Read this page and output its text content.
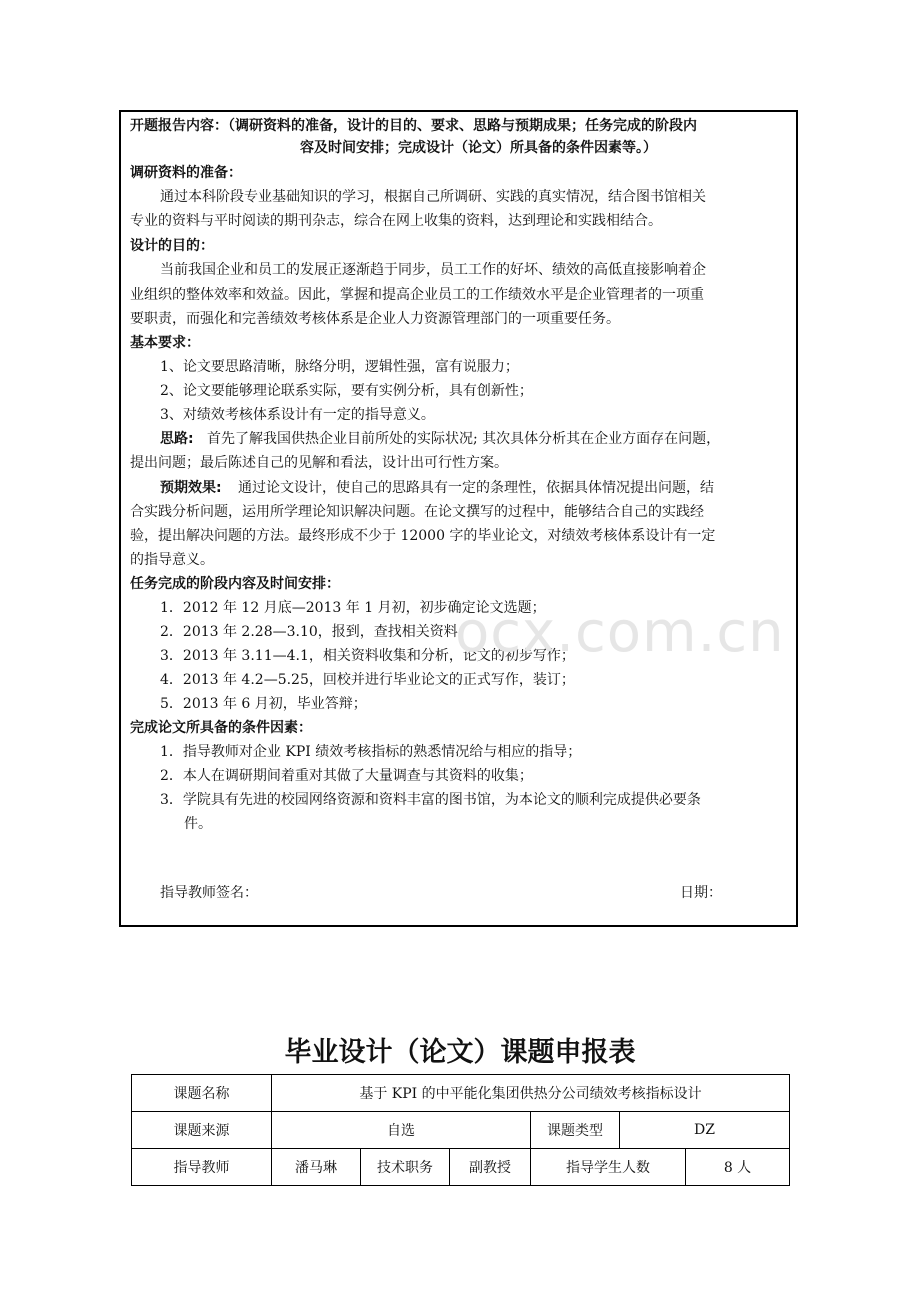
开题报告内容：（调研资料的准备，设计的目的、要求、思路与预期成果；任务完成的阶段内
容及时间安排；完成设计（论文）所具备的条件因素等。）
调研资料的准备：
通过本科阶段专业基础知识的学习，根据自己所调研、实践的真实情况，结合图书馆相关
专业的资料与平时阅读的期刊杂志，综合在网上收集的资料，达到理论和实践相结合。
设计的目的：
当前我国企业和员工的发展正逐渐趋于同步，员工工作的好坏、绩效的高低直接影响着企
业组织的整体效率和效益。因此，掌握和提高企业员工的工作绩效水平是企业管理者的一项重
要职责，而强化和完善绩效考核体系是企业人力资源管理部门的一项重要任务。
基本要求：
1、论文要思路清晰，脉络分明，逻辑性强，富有说服力；
2、论文要能够理论联系实际，要有实例分析，具有创新性；
3、对绩效考核体系设计有一定的指导意义。
思路: 首先了解我国供热企业目前所处的实际状况; 其次具体分析其在企业方面存在问题，
提出问题；最后陈述自己的见解和看法，设计出可行性方案。
预期效果: 通过论文设计，使自己的思路具有一定的条理性，依据具体情况提出问题，结
合实践分析问题，运用所学理论知识解决问题。在论文撰写的过程中，能够结合自己的实践经
验，提出解决问题的方法。最终形成不少于 12000 字的毕业论文，对绩效考核体系设计有一定
的指导意义。
任务完成的阶段内容及时间安排：
1．2012 年 12 月底—2013 年 1 月初，初步确定论文选题；
2．2013 年 2.28—3.10，报到，查找相关资料；
3．2013 年 3.11—4.1，相关资料收集和分析，论文的初步写作；
4．2013 年 4.2—5.25，回校并进行毕业论文的正式写作，装订；
5．2013 年 6 月初，毕业答辩；
完成论文所具备的条件因素：
1．指导教师对企业 KPI 绩效考核指标的熟悉情况给与相应的指导；
2．本人在调研期间着重对其做了大量调查与其资料的收集；
3．学院具有先进的校园网络资源和资料丰富的图书馆，为本论文的顺利完成提供必要条
件。
指导教师签名：	日期：
ocx.com.cn
毕业设计（论文）课题申报表
课题名称	基于 KPI 的中平能化集团供热分公司绩效考核指标设计					
课题来源	自选			课题类型	DZ	
指导教师	潘马琳	技术职务	副教授	指导学生人数		8 人
